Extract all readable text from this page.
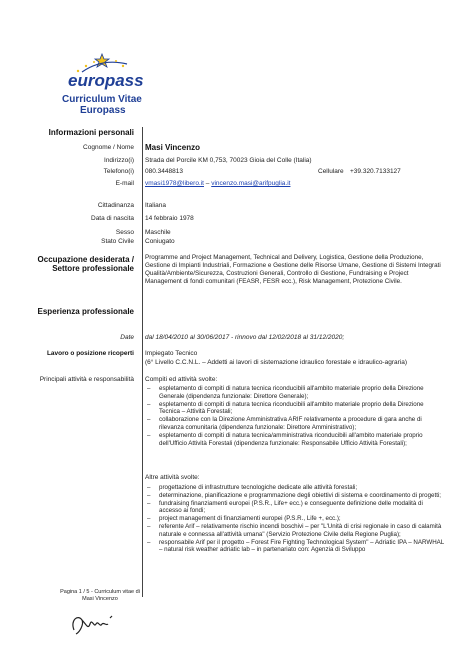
europass
Curriculum Vitae
Europass
Informazioni personali
Cognome / Nome Masi Vincenzo
Indirizzo(i) Strada del Porcile KM 0,753, 70023 Gioia del Colle (Italia)
Telefono(i) 080.3448813	Cellulare +39.320.7133127
E-mail vmasi1978@libero.it – vincenzo.masi@arifpuglia.it
Cittadinanza Italiana
Data di nascita 14 febbraio 1978
Sesso Maschile
Stato Civile Coniugato
Occupazione desiderata /
Settore professionale
Programme and Project Management, Technical and Delivery, Logistica, Gestione della Produzione, Gestione di Impianti Industriali, Formazione e Gestione delle Risorse Umane, Gestione di Sistemi Integrati Qualità/Ambiente/Sicurezza, Costruzioni Generali, Controllo di Gestione, Fundraising e Project Management di fondi comunitari (FEASR, FESR ecc.), Risk Management, Protezione Civile.
Esperienza professionale
Date dal 18/04/2010 al 30/06/2017 - rinnovo dal 12/02/2018 al 31/12/2020;
Lavoro o posizione ricoperti Impiegato Tecnico
(6° Livello C.C.N.L. – Addetti ai lavori di sistemazione idraulico forestale e idraulico-agraria)
Principali attività e responsabilità Compiti ed attività svolte:
– espletamento di compiti di natura tecnica riconducibili all'ambito materiale proprio della Direzione Generale (dipendenza funzionale: Direttore Generale);
– espletamento di compiti di natura tecnica riconducibili all'ambito materiale proprio della Direzione Tecnica – Attività Forestali;
– collaborazione con la Direzione Amministrativa ARIF relativamente a procedure di gara anche di rilevanza comunitaria (dipendenza funzionale: Direttore Amministrativo);
– espletamento di compiti di natura tecnica/amministrativa riconducibili all'ambito materiale proprio dell'Ufficio Attività Forestali (dipendenza funzionale: Responsabile Ufficio Attività Forestali);
Altre attività svolte:
– progettazione di infrastrutture tecnologiche dedicate alle attività forestali;
– determinazione, pianificazione e programmazione degli obiettivi di sistema e coordinamento di progetti;
– fundraising finanziamenti europei (P.S.R., Life+ ecc.) e conseguente definizione delle modalità di accesso ai fondi;
– project management di finanziamenti europei (P.S.R., Life +, ecc.);
– referente Arif – relativamente rischio incendi boschivi – per "L'Unità di crisi regionale in caso di calamità naturale e connessa all'attività umana" (Servizio Protezione Civile della Regione Puglia);
– responsabile Arif per il progetto – Forest Fire Fighting Technological System" – Adriatic IPA – NARWHAL – natural risk weather adriatic lab – in partenariato con: Agenzia di Sviluppo
Pagina 1 / 5 - Curriculum vitae di
Masi Vincenzo
